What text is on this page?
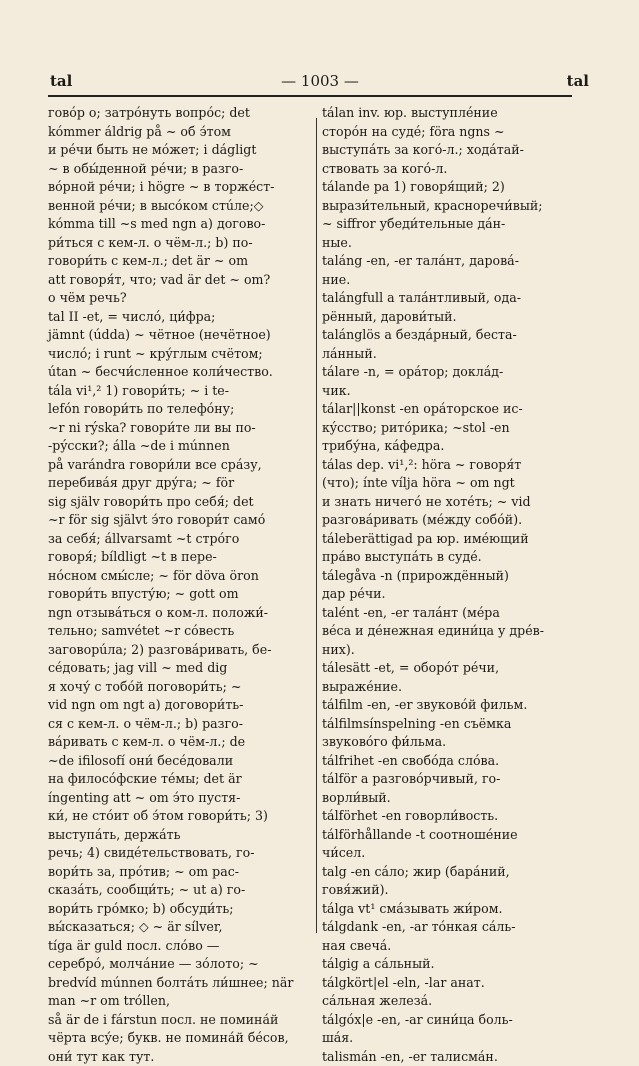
tal	— 1003 —	tal
говóр o; затрóнуть вопрóс; det
kómmer áldrig på ~ об э́том
и рéчи быть не мóжет; i dágligt
~ в обы́денной рéчи; в разго-
вóрной рéчи; i högre ~ в торжéст-
венной рéчи; в высóком стúле;◇
kómma till ~s med ngn a) догово-
ри́ться с кем-л. о чём-л.; b) по-
говори́ть с кем-л.; det är ~ om
att говоря́т, что; vad är det ~ om?
о чём речь?
tal II -et, = числó, ци́фра;
jämnt (údda) ~ чётное (нечётное)
числó; i runt ~ кру́глым счётом;
útan ~ бесчи́сленное коли́чество.
tála vi¹,² 1) говори́ть; ~ i te-
lefón говори́ть по телефóну;
~r ni rýska? говори́те ли вы по-
-рýсски?; álla ~de i múnnen
på varándra говори́ли все срáзу,
перебивáя друг дру́га; ~ för
sig själv говори́ть про себя́; det
~r för sig självt э́то говори́т самó
за себя́; állvarsamt ~t стрóго
говоря́; bíldligt ~t в пере-
нóсном смы́сле; ~ för döva öron
говори́ть впусту́ю; ~ gott om
ngn отзывáться о ком-л. положи́-
тельно; samvétet ~r сóвесть
заговорúла; 2) разговáривать, бе-
сéдовать; jag vill ~ med dig
я хочу́ с тобóй поговори́ть; ~
vid ngn om ngt а) договори́ть-
ся с кем-л. о чём-л.; b) разго-
вáривать с кем-л. о чём-л.; de
~de ifilosofí они́ бесéдовали
на филосóфские тéмы; det är
íngenting att ~ om э́то пустя-
ки́, не стóит об э́том говори́ть; 3) выступáть, держáть
речь; 4) свидéтельствовать, го-
вори́ть за, прóтив; ~ om рас-
сказáть, сообщи́ть; ~ ut a) го-
вори́ть грóмко; b) обсуди́ть;
вы́сказаться; ◇ ~ är sílver,
tíga är guld посл. слóво —
серебрó, молчáние — зóлото; ~
bredvíd múnnen болтáть ли́шнее; när man ~r om tróllen,
så är de i fárstun посл. не помина́й чёрта всу́е; букв. не помина́й бéсов, они́ тут как тут.
tálan inv. юр. выступлéние
сторóн на судé; föra ngns ~
выступáть за когó-л.; ходáтай-
ствовать за когó-л.
tálande pa 1) говоря́щий; 2)
вырази́тельный, красноречи́вый;
~ siffror убеди́тельные дáн-
ные.
taláng -en, -er талáнт, даровá-
ние.
talángfull a талáнтливый, ода-
рённый, дарови́тый.
talánglös a бездáрный, беста-
лáнный.
tálare -n, = орáтор; доклáд-
чик.
tálar||konst -en орáторское ис-
кýсство; ритóрика; ~stol -en
трибу́на, кáфедра.
tálas dep. vi¹,²: höra ~ говоря́т
(что); ínte vílja höra ~ om ngt
и знать ничегó не хотéть; ~ vid
разговáривать (мéжду собóй).
táleberättigad pa юр. имéющий
прáво выступáть в судé.
tálegåva -n (прирождённый)
дар рéчи.
talént -en, -er талáнт (мéра
вéса и дéнежная едини́ца у дрéв-
них).
tálesätt -et, = оборóт рéчи,
выражéние.
tálfilm -en, -er звуковóй фильм.
tálfilmsínspelning -en съёмка
звуковóго фи́льма.
tálfrihet -en свобóда слóва.
tálför a разговóрчивый, го-
ворли́вый.
tálförhet -en говорли́вость.
tálförhållande -t соотношéние
чи́сел.
talg -en сáло; жир (барáний,
говя́жий).
tálga vt¹ смáзывать жи́ром.
tálgdank -en, -ar тóнкая сáль-
ная свечá.
tálgig a сáльный.
tálgkört|el -eln, -lar анат.
сáльная железá.
tálgóx|e -en, -ar сини́ца боль-
шáя.
talismán -en, -er талисмáн.
